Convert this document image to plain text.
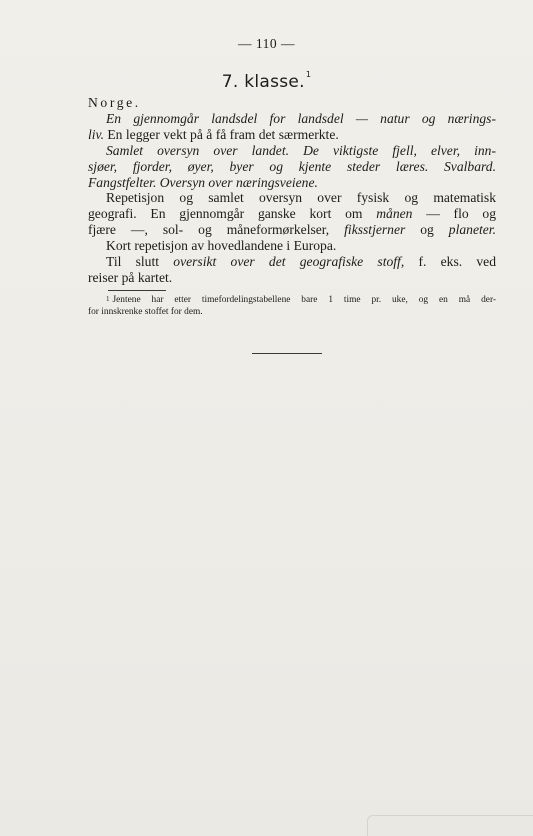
— 110 —
7. klasse.$^1$

Norge.

En gjennomgår landsdel for landsdel — natur og nærings-

liv. En legger vekt på å få fram det særmerkte.

Samlet oversyn over landet. De viktigste fjell, elver, inn-

sjøer, fjorder, øyer, byer og kjente steder læres. Svalbard.

Fangstfelter. Oversyn over næringsveiene.

Repetisjon og samlet oversyn over fysisk og matematisk

geografi. En gjennomgår ganske kort om månen — flo og

fjære —, sol- og måneformørkelser, fiksstjerner og planeter.

Kort repetisjon av hovedlandene i Europa.

Til slutt oversikt over det geografiske stoff, f. eks. ved

reiser på kartet.

$^1$ Jentene har etter timefordelingstabellene bare 1 time pr. uke, og en må der-

for innskrenke stoffet for dem.
